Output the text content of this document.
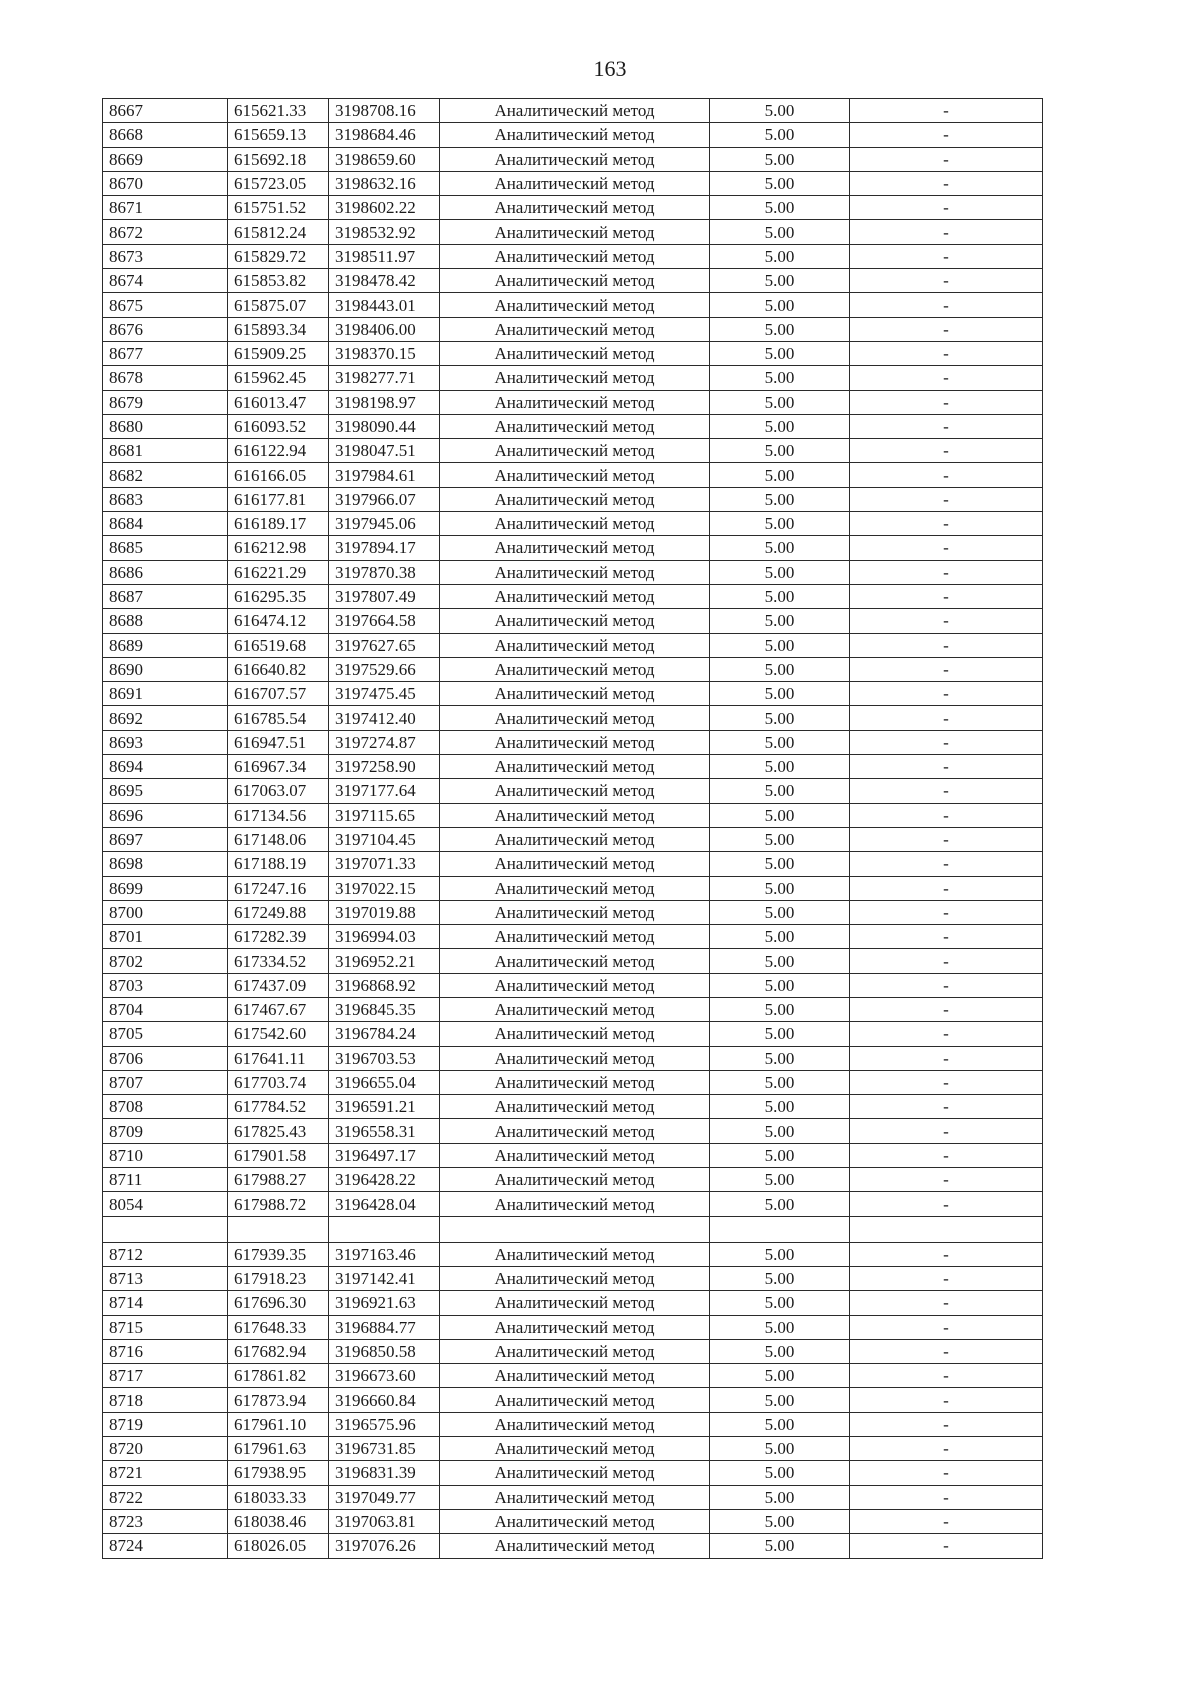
163
8667	615621.33	3198708.16	Аналитический метод	5.00	-
8668	615659.13	3198684.46	Аналитический метод	5.00	-
8669	615692.18	3198659.60	Аналитический метод	5.00	-
8670	615723.05	3198632.16	Аналитический метод	5.00	-
8671	615751.52	3198602.22	Аналитический метод	5.00	-
8672	615812.24	3198532.92	Аналитический метод	5.00	-
8673	615829.72	3198511.97	Аналитический метод	5.00	-
8674	615853.82	3198478.42	Аналитический метод	5.00	-
8675	615875.07	3198443.01	Аналитический метод	5.00	-
8676	615893.34	3198406.00	Аналитический метод	5.00	-
8677	615909.25	3198370.15	Аналитический метод	5.00	-
8678	615962.45	3198277.71	Аналитический метод	5.00	-
8679	616013.47	3198198.97	Аналитический метод	5.00	-
8680	616093.52	3198090.44	Аналитический метод	5.00	-
8681	616122.94	3198047.51	Аналитический метод	5.00	-
8682	616166.05	3197984.61	Аналитический метод	5.00	-
8683	616177.81	3197966.07	Аналитический метод	5.00	-
8684	616189.17	3197945.06	Аналитический метод	5.00	-
8685	616212.98	3197894.17	Аналитический метод	5.00	-
8686	616221.29	3197870.38	Аналитический метод	5.00	-
8687	616295.35	3197807.49	Аналитический метод	5.00	-
8688	616474.12	3197664.58	Аналитический метод	5.00	-
8689	616519.68	3197627.65	Аналитический метод	5.00	-
8690	616640.82	3197529.66	Аналитический метод	5.00	-
8691	616707.57	3197475.45	Аналитический метод	5.00	-
8692	616785.54	3197412.40	Аналитический метод	5.00	-
8693	616947.51	3197274.87	Аналитический метод	5.00	-
8694	616967.34	3197258.90	Аналитический метод	5.00	-
8695	617063.07	3197177.64	Аналитический метод	5.00	-
8696	617134.56	3197115.65	Аналитический метод	5.00	-
8697	617148.06	3197104.45	Аналитический метод	5.00	-
8698	617188.19	3197071.33	Аналитический метод	5.00	-
8699	617247.16	3197022.15	Аналитический метод	5.00	-
8700	617249.88	3197019.88	Аналитический метод	5.00	-
8701	617282.39	3196994.03	Аналитический метод	5.00	-
8702	617334.52	3196952.21	Аналитический метод	5.00	-
8703	617437.09	3196868.92	Аналитический метод	5.00	-
8704	617467.67	3196845.35	Аналитический метод	5.00	-
8705	617542.60	3196784.24	Аналитический метод	5.00	-
8706	617641.11	3196703.53	Аналитический метод	5.00	-
8707	617703.74	3196655.04	Аналитический метод	5.00	-
8708	617784.52	3196591.21	Аналитический метод	5.00	-
8709	617825.43	3196558.31	Аналитический метод	5.00	-
8710	617901.58	3196497.17	Аналитический метод	5.00	-
8711	617988.27	3196428.22	Аналитический метод	5.00	-
8054	617988.72	3196428.04	Аналитический метод	5.00	-

8712	617939.35	3197163.46	Аналитический метод	5.00	-
8713	617918.23	3197142.41	Аналитический метод	5.00	-
8714	617696.30	3196921.63	Аналитический метод	5.00	-
8715	617648.33	3196884.77	Аналитический метод	5.00	-
8716	617682.94	3196850.58	Аналитический метод	5.00	-
8717	617861.82	3196673.60	Аналитический метод	5.00	-
8718	617873.94	3196660.84	Аналитический метод	5.00	-
8719	617961.10	3196575.96	Аналитический метод	5.00	-
8720	617961.63	3196731.85	Аналитический метод	5.00	-
8721	617938.95	3196831.39	Аналитический метод	5.00	-
8722	618033.33	3197049.77	Аналитический метод	5.00	-
8723	618038.46	3197063.81	Аналитический метод	5.00	-
8724	618026.05	3197076.26	Аналитический метод	5.00	-
